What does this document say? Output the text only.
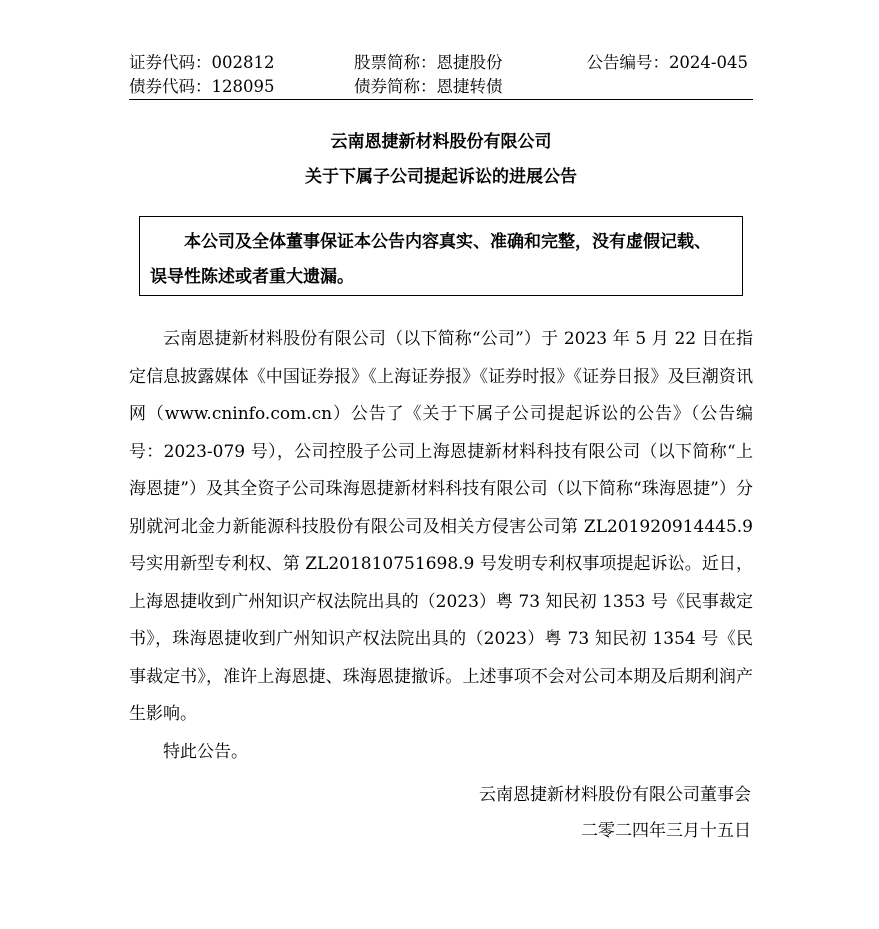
证券代码：002812	股票简称：恩捷股份	公告编号：2024-045
债券代码：128095	债券简称：恩捷转债
云南恩捷新材料股份有限公司
关于下属子公司提起诉讼的进展公告
本公司及全体董事保证本公告内容真实、准确和完整，没有虚假记载、
误导性陈述或者重大遗漏。

云南恩捷新材料股份有限公司（以下简称“公司”）于 2023 年 5 月 22 日在指定信息披露媒体《中国证券报》《上海证券报》《证券时报》《证券日报》及巨潮资讯网（www.cninfo.com.cn）公告了《关于下属子公司提起诉讼的公告》（公告编号：2023-079 号），公司控股子公司上海恩捷新材料科技有限公司（以下简称“上海恩捷”）及其全资子公司珠海恩捷新材料科技有限公司（以下简称“珠海恩捷”）分别就河北金力新能源科技股份有限公司及相关方侵害公司第 ZL201920914445.9 号实用新型专利权、第 ZL201810751698.9 号发明专利权事项提起诉讼。近日，上海恩捷收到广州知识产权法院出具的（2023）粤 73 知民初 1353 号《民事裁定书》，珠海恩捷收到广州知识产权法院出具的（2023）粤 73 知民初 1354 号《民事裁定书》，准许上海恩捷、珠海恩捷撤诉。上述事项不会对公司本期及后期利润产生影响。

特此公告。

云南恩捷新材料股份有限公司董事会
二零二四年三月十五日
